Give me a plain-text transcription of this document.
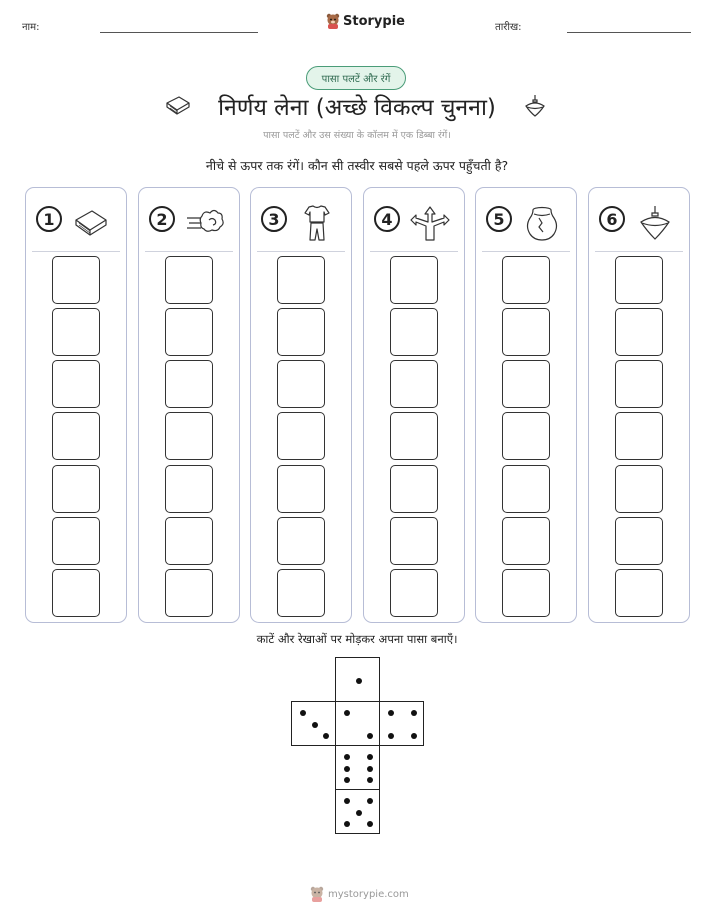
नाम:	Storypie	तारीख:
पासा पलटें और रंगें
निर्णय लेना (अच्छे विकल्प चुनना)
पासा पलटें और उस संख्या के कॉलम में एक डिब्बा रंगें।
नीचे से ऊपर तक रंगें। कौन सी तस्वीर सबसे पहले ऊपर पहुँचती है?
1	2	3	4	5	6
काटें और रेखाओं पर मोड़कर अपना पासा बनाएँ।
mystorypie.com
